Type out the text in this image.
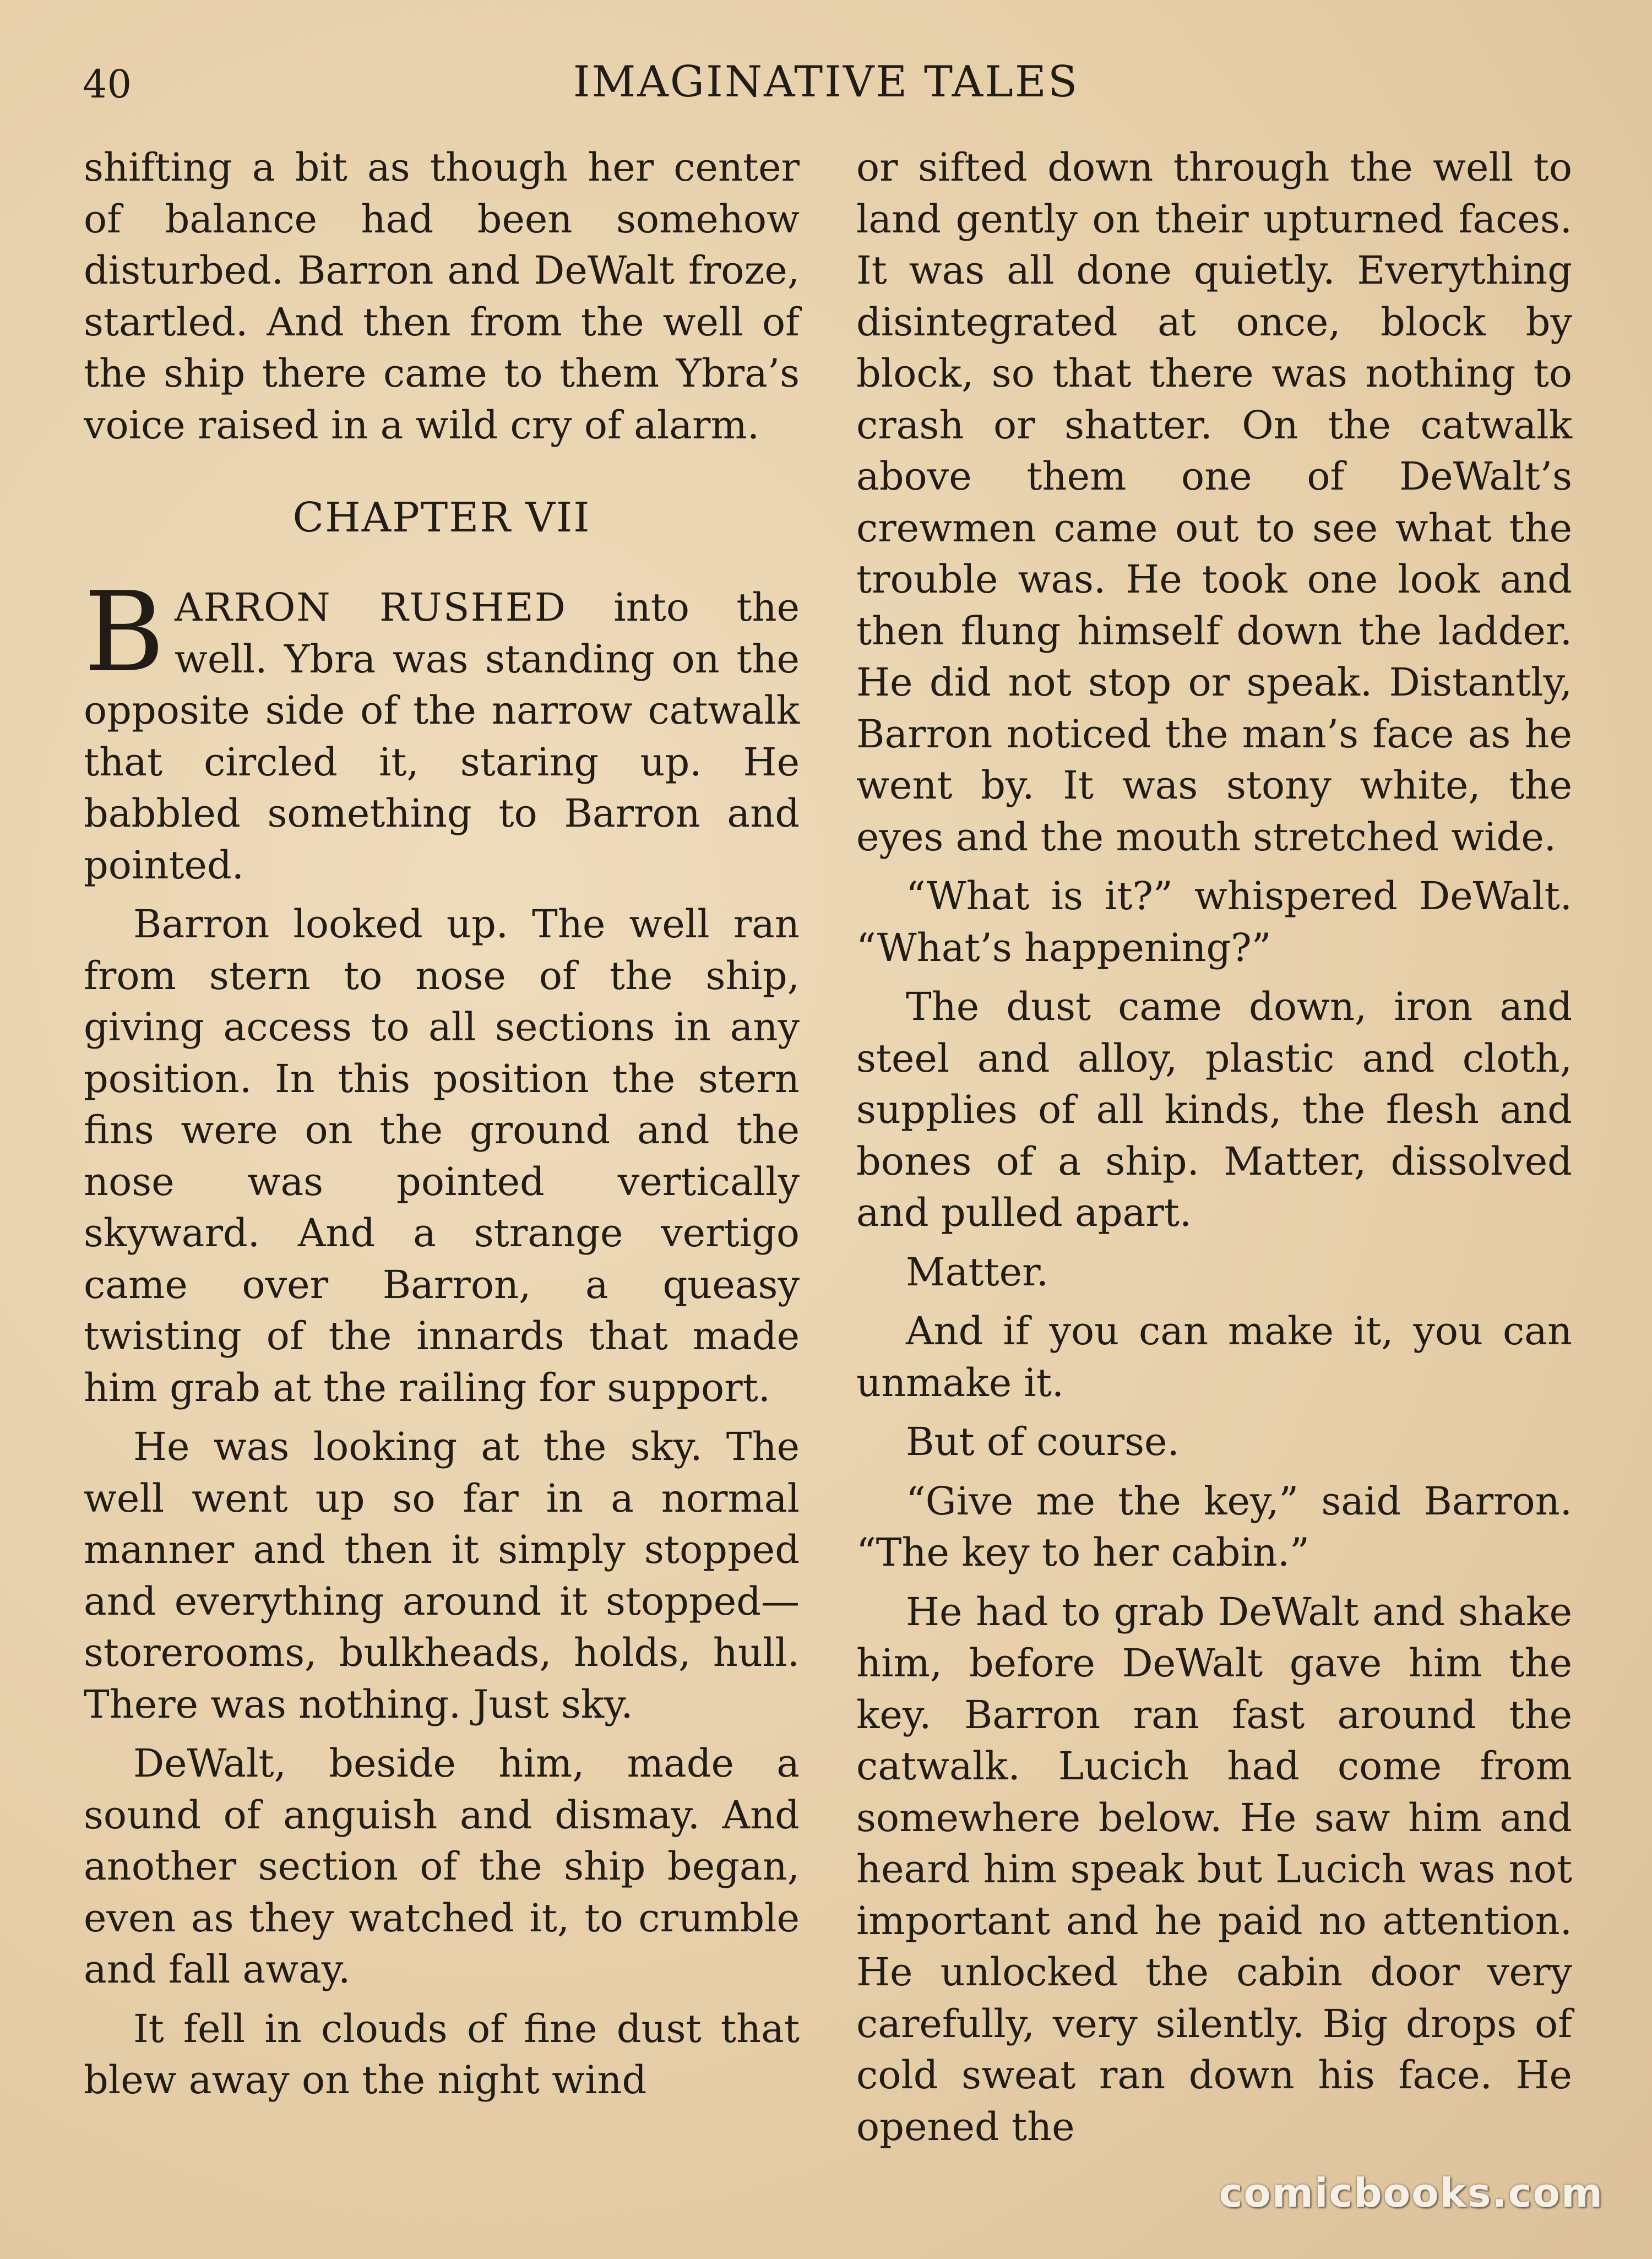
40	IMAGINATIVE TALES

shifting a bit as though her center of balance had been somehow disturbed. Barron and DeWalt froze, startled. And then from the well of the ship there came to them Ybra’s voice raised in a wild cry of alarm.

CHAPTER VII

BARRON RUSHED into the well. Ybra was standing on the opposite side of the narrow catwalk that circled it, staring up. He babbled something to Barron and pointed.

Barron looked up. The well ran from stern to nose of the ship, giving access to all sections in any position. In this position the stern fins were on the ground and the nose was pointed vertically skyward. And a strange vertigo came over Barron, a queasy twisting of the innards that made him grab at the railing for support.

He was looking at the sky. The well went up so far in a normal manner and then it simply stopped and everything around it stopped—storerooms, bulkheads, holds, hull. There was nothing. Just sky.

DeWalt, beside him, made a sound of anguish and dismay. And another section of the ship began, even as they watched it, to crumble and fall away.

It fell in clouds of fine dust that blew away on the night wind

or sifted down through the well to land gently on their upturned faces. It was all done quietly. Everything disintegrated at once, block by block, so that there was nothing to crash or shatter. On the catwalk above them one of DeWalt’s crewmen came out to see what the trouble was. He took one look and then flung himself down the ladder. He did not stop or speak. Distantly, Barron noticed the man’s face as he went by. It was stony white, the eyes and the mouth stretched wide.

“What is it?” whispered DeWalt. “What’s happening?”

The dust came down, iron and steel and alloy, plastic and cloth, supplies of all kinds, the flesh and bones of a ship. Matter, dissolved and pulled apart.

Matter.

And if you can make it, you can unmake it.

But of course.

“Give me the key,” said Barron. “The key to her cabin.”

He had to grab DeWalt and shake him, before DeWalt gave him the key. Barron ran fast around the catwalk. Lucich had come from somewhere below. He saw him and heard him speak but Lucich was not important and he paid no attention. He unlocked the cabin door very carefully, very silently. Big drops of cold sweat ran down his face. He opened the

comicbooks.com
